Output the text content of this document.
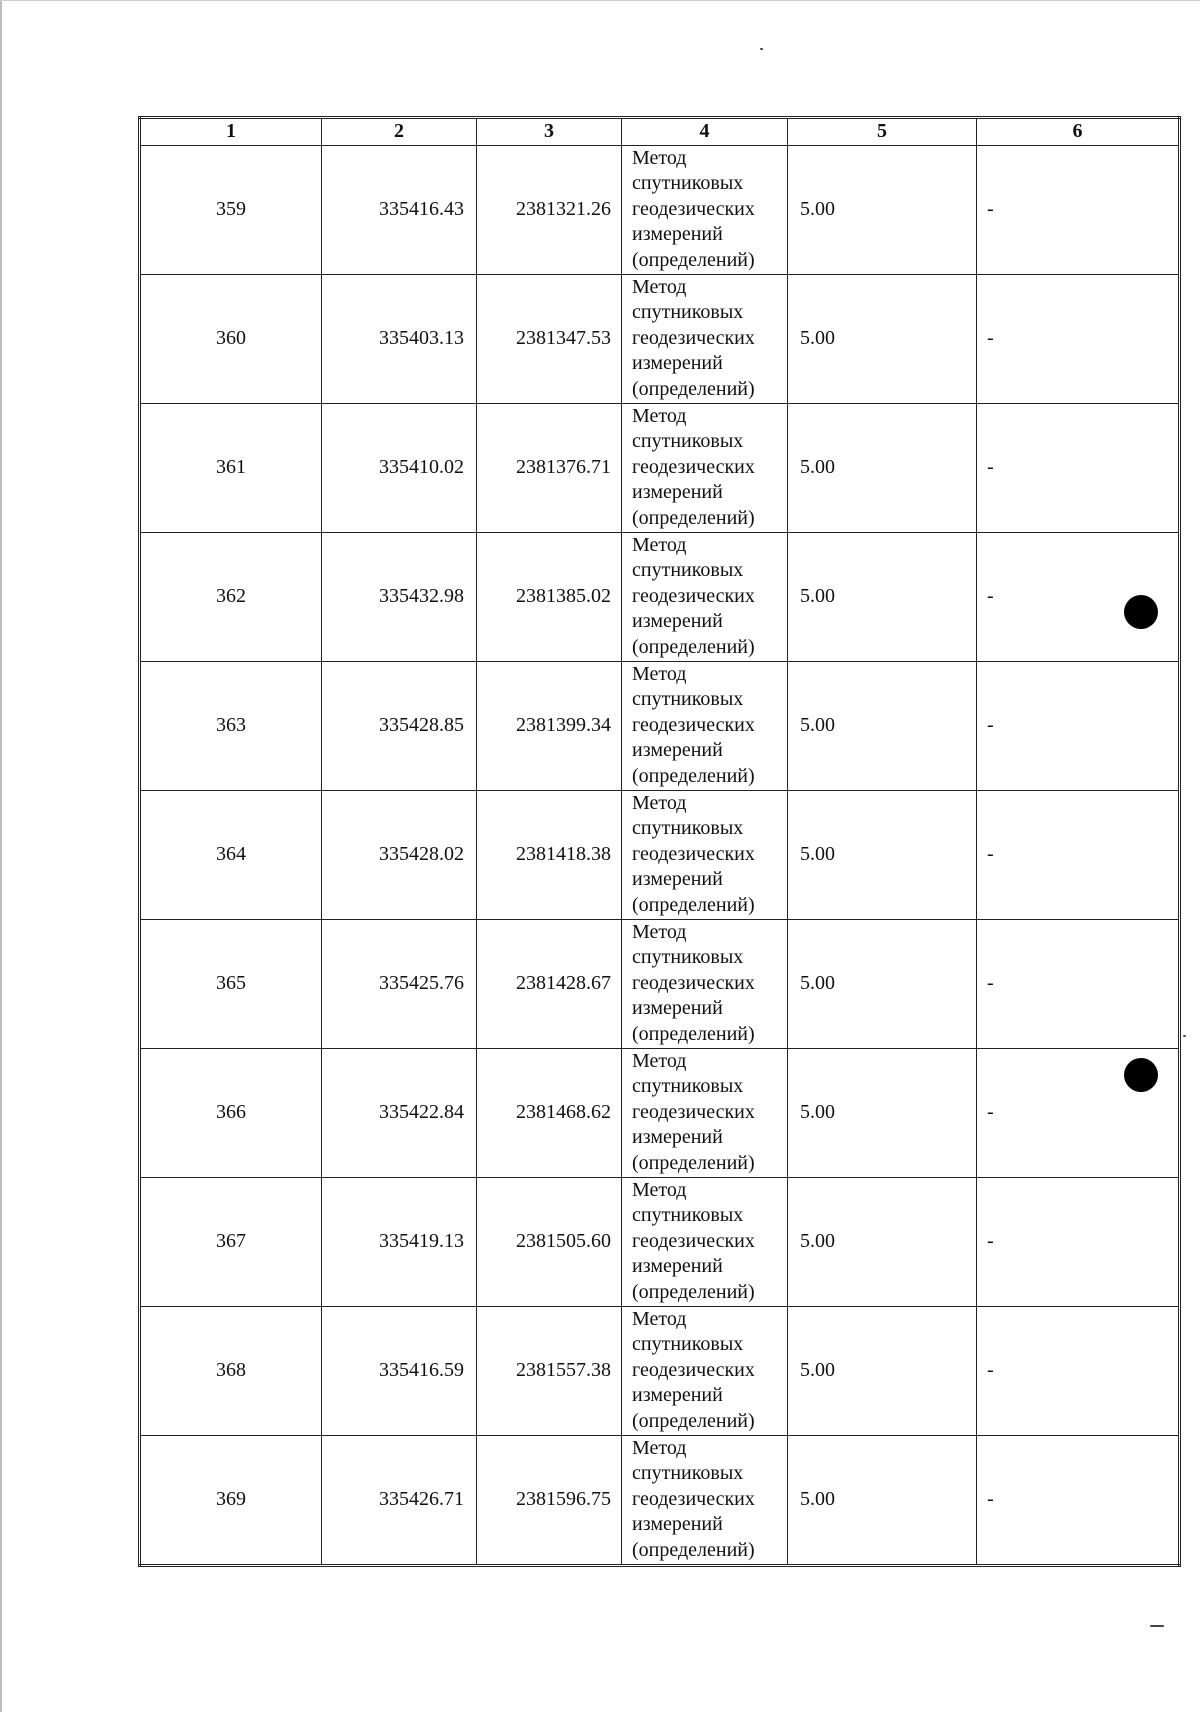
1	2	3	4	5	6
359	335416.43	2381321.26	Метод
спутниковых
геодезических
измерений
(определений)	5.00	-
360	335403.13	2381347.53	Метод
спутниковых
геодезических
измерений
(определений)	5.00	-
361	335410.02	2381376.71	Метод
спутниковых
геодезических
измерений
(определений)	5.00	-
362	335432.98	2381385.02	Метод
спутниковых
геодезических
измерений
(определений)	5.00	-
363	335428.85	2381399.34	Метод
спутниковых
геодезических
измерений
(определений)	5.00	-
364	335428.02	2381418.38	Метод
спутниковых
геодезических
измерений
(определений)	5.00	-
365	335425.76	2381428.67	Метод
спутниковых
геодезических
измерений
(определений)	5.00	-
366	335422.84	2381468.62	Метод
спутниковых
геодезических
измерений
(определений)	5.00	-
367	335419.13	2381505.60	Метод
спутниковых
геодезических
измерений
(определений)	5.00	-
368	335416.59	2381557.38	Метод
спутниковых
геодезических
измерений
(определений)	5.00	-
369	335426.71	2381596.75	Метод
спутниковых
геодезических
измерений
(определений)	5.00	-
